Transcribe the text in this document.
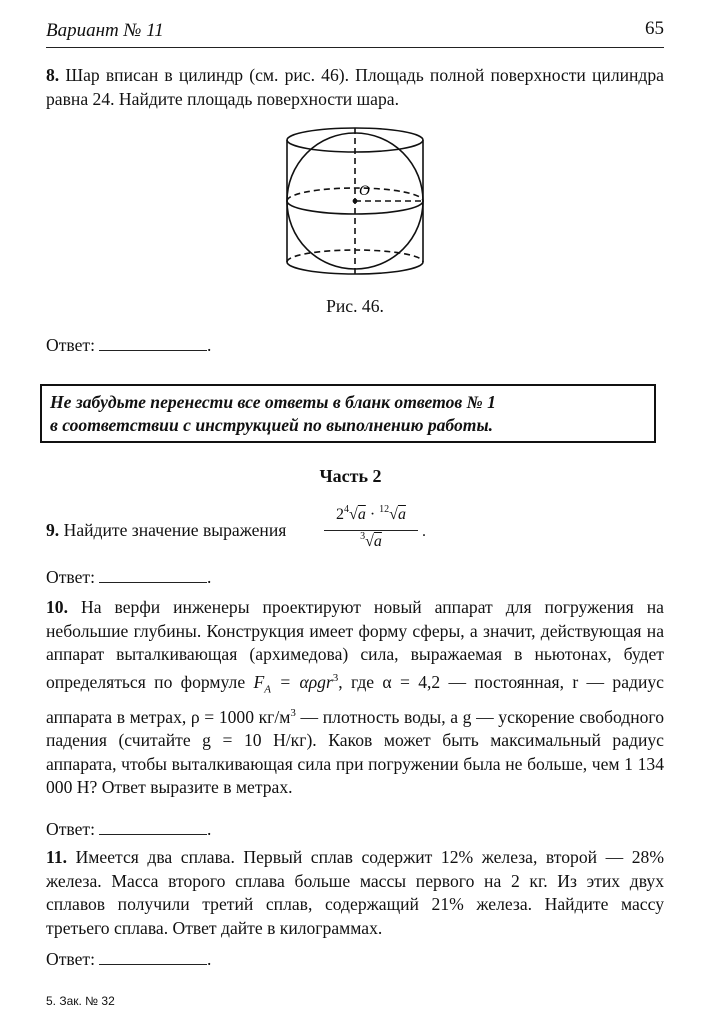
Вариант № 11	65

8. Шар вписан в цилиндр (см. рис. 46). Площадь полной поверхности цилиндра равна 24. Найдите площадь поверхности шара.

O
Рис. 46.
Ответ:	.

Не забудьте перенести все ответы в бланк ответов № 1
в соответствии с инструкцией по выполнению работы.

Часть 2
9. Найдите значение выражения
$2^4√a \cdot ^{12}√a$
$^3$√a
.
Ответ:	.

10. На верфи инженеры проектируют новый аппарат для погружения на небольшие глубины. Конструкция имеет форму сферы, а значит, действующая на аппарат выталкивающая (архимедова) сила, выражаемая в ньютонах, будет определяться по формуле $F_A = \alpha\rho gr^3$, где α = 4,2 — постоянная, r — радиус аппарата в метрах, ρ = 1000 $кг/м^3$ — плотность воды, а g — ускорение свободного падения (считайте g = 10 Н/кг). Каков может быть максимальный радиус аппарата, чтобы выталкивающая сила при погружении была не больше, чем 1 134 000 Н? Ответ выразите в метрах.

Ответ:	.

11. Имеется два сплава. Первый сплав содержит 12% железа, второй — 28% железа. Масса второго сплава больше массы первого на 2 кг. Из этих двух сплавов получили третий сплав, содержащий 21% железа. Найдите массу третьего сплава. Ответ дайте в килограммах.

Ответ:	.
5. Зак. № 32
